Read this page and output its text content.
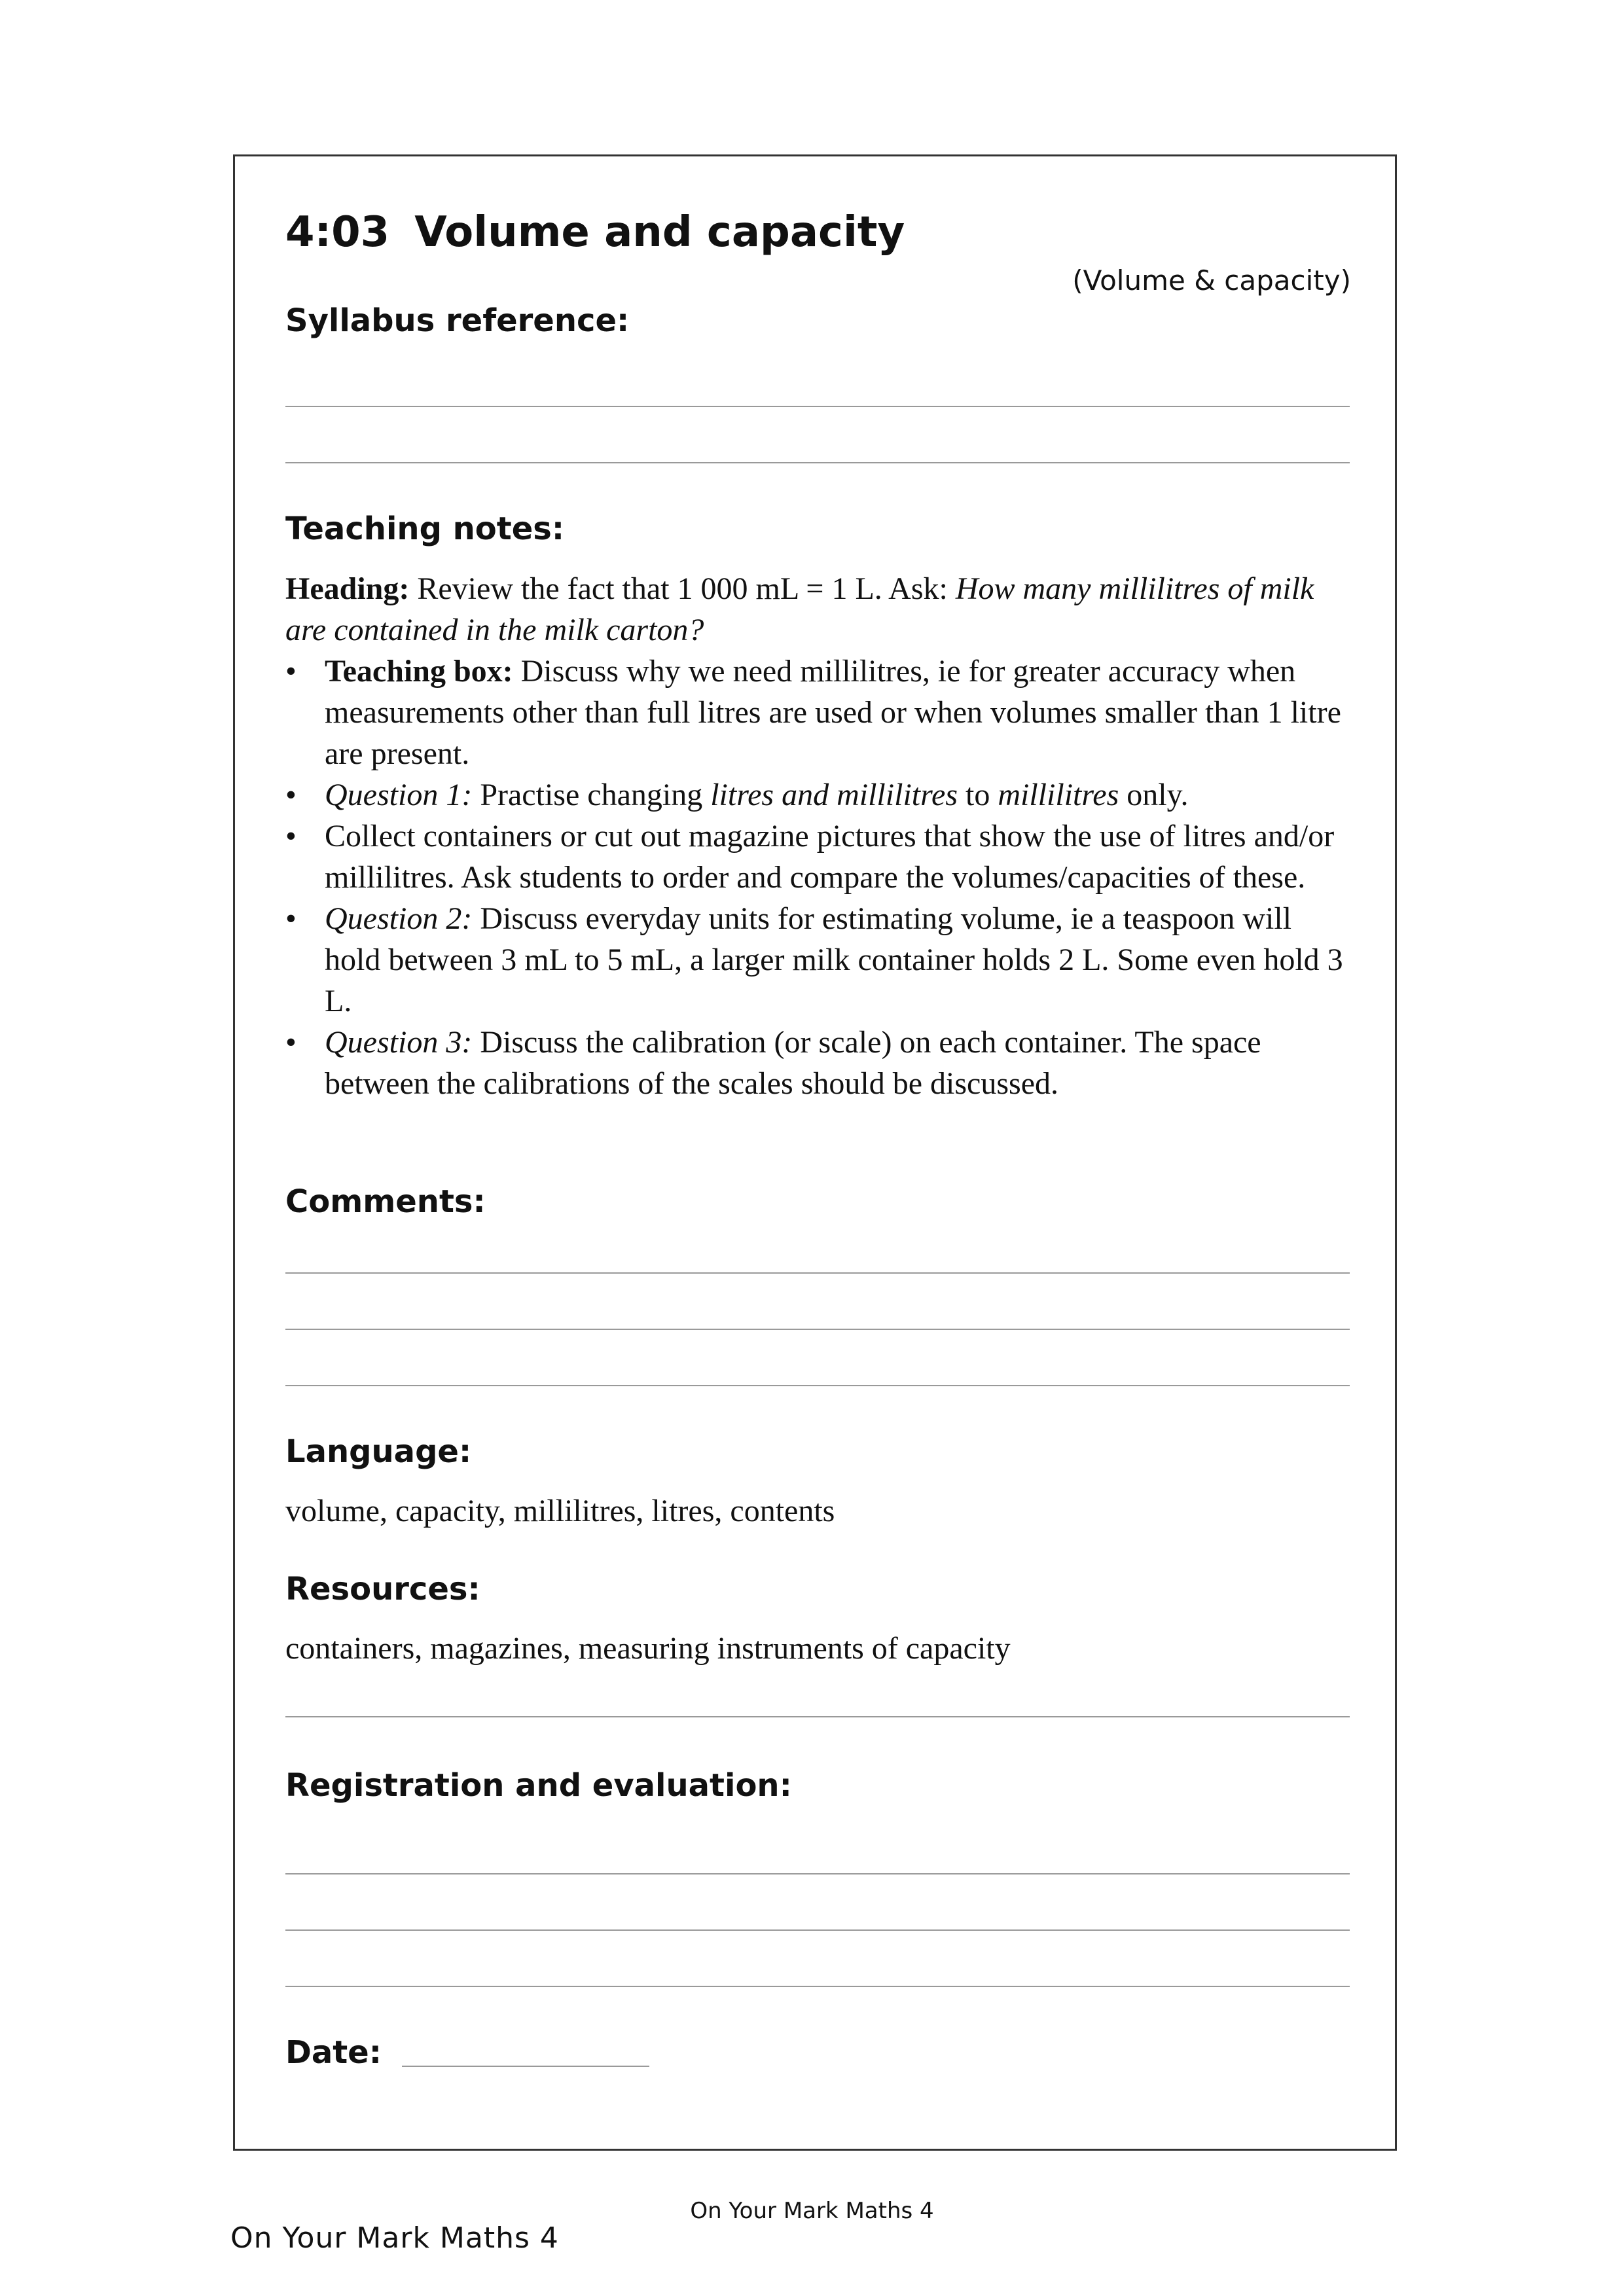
4:03 Volume and capacity
(Volume & capacity)
Syllabus reference:
Teaching notes:

Heading: Review the fact that 1 000 mL = 1 L. Ask: How many millilitres of milk are contained in the milk carton?

• Teaching box: Discuss why we need millilitres, ie for greater accuracy when measurements other than full litres are used or when volumes smaller than 1 litre are present.
• Question 1: Practise changing litres and millilitres to millilitres only.
• Collect containers or cut out magazine pictures that show the use of litres and/or millilitres. Ask students to order and compare the volumes/capacities of these.
• Question 2: Discuss everyday units for estimating volume, ie a teaspoon will hold between 3 mL to 5 mL, a larger milk container holds 2 L. Some even hold 3 L.
• Question 3: Discuss the calibration (or scale) on each container. The space between the calibrations of the scales should be discussed.
Comments:
Language:
volume, capacity, millilitres, litres, contents
Resources:
containers, magazines, measuring instruments of capacity
Registration and evaluation:
Date:
On Your Mark Maths 4
On Your Mark Maths 4
